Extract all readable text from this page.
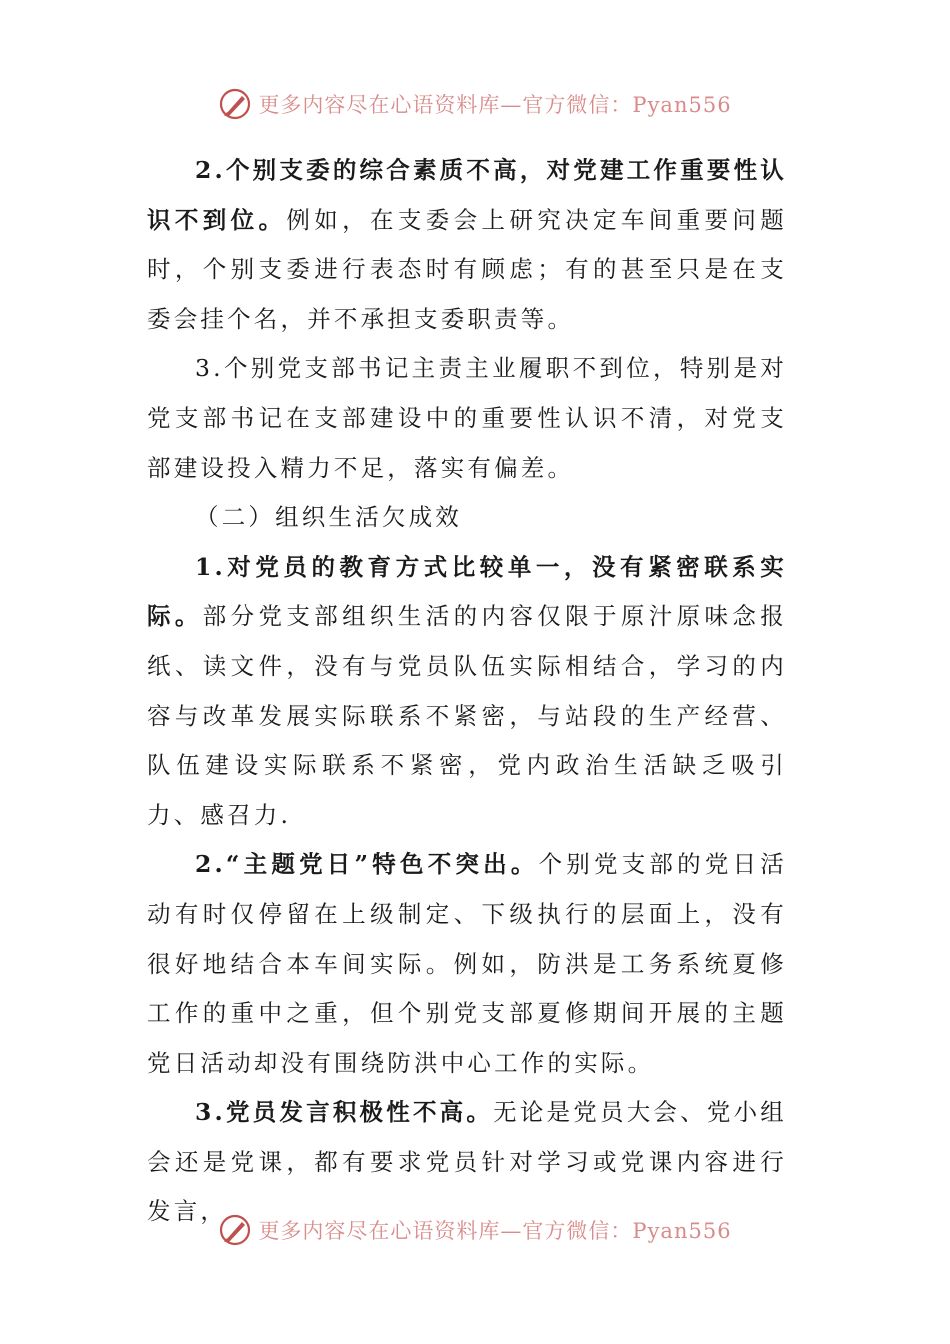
更多内容尽在心语资料库—官方微信：Pyan556

2.个别支委的综合素质不高，对党建工作重要性认识不到位。例如，在支委会上研究决定车间重要问题时，个别支委进行表态时有顾虑；有的甚至只是在支委会挂个名，并不承担支委职责等。

3.个别党支部书记主责主业履职不到位，特别是对党支部书记在支部建设中的重要性认识不清，对党支部建设投入精力不足，落实有偏差。

（二）组织生活欠成效

1.对党员的教育方式比较单一，没有紧密联系实际。部分党支部组织生活的内容仅限于原汁原味念报纸、读文件，没有与党员队伍实际相结合，学习的内容与改革发展实际联系不紧密，与站段的生产经营、队伍建设实际联系不紧密，党内政治生活缺乏吸引力、感召力.

2.“主题党日”特色不突出。个别党支部的党日活动有时仅停留在上级制定、下级执行的层面上，没有很好地结合本车间实际。例如，防洪是工务系统夏修工作的重中之重，但个别党支部夏修期间开展的主题党日活动却没有围绕防洪中心工作的实际。

3.党员发言积极性不高。无论是党员大会、党小组会还是党课，都有要求党员针对学习或党课内容进行发言，

更多内容尽在心语资料库—官方微信：Pyan556
